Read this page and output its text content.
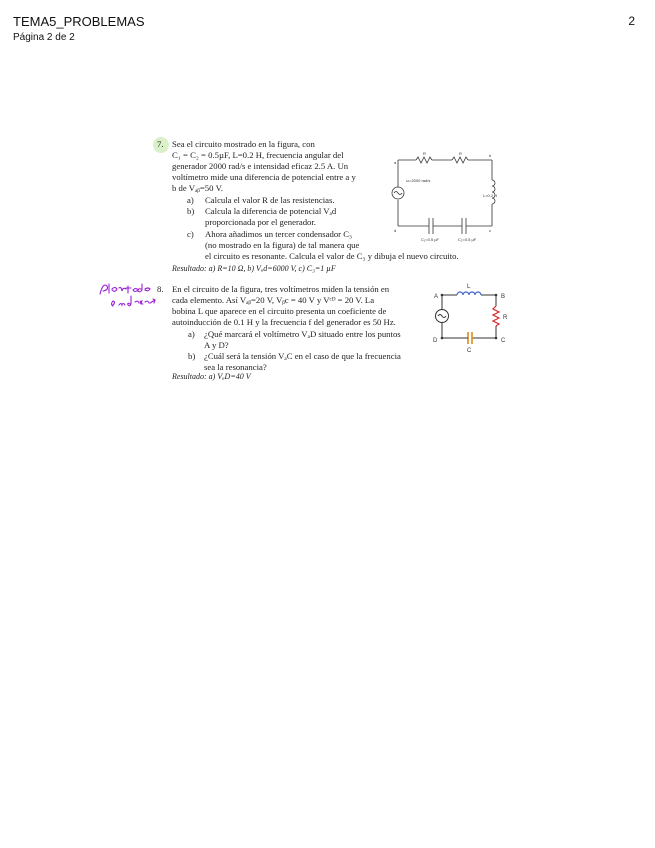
TEMA5_PROBLEMAS
Página 2 de 2
2
7. Sea el circuito mostrado en la figura, con
C₁ = C₂ = 0.5µF, L=0.2 H, frecuencia angular del
generador 2000 rad/s e intensidad eficaz 2.5 A. Un
voltímetro mide una diferencia de potencial entre a y
b de Vₐᵦ=50 V.
a) Calcula el valor R de las resistencias.
b) Calcula la diferencia de potencial Vₐd
proporcionada por el generador.
c) Ahora añadimos un tercer condensador C₃
(no mostrado en la figura) de tal manera que
el circuito es resonante. Calcula el valor de C₃ y dibuja el nuevo circuito.
Resultado: a) R=10 Ω, b) Vₐd=6000 V, c) C₃=1 µF
ω=2000 rad/s
L=0.2 H
C₁=0.5 µF	C₂=0.5 µF
R	R
a
b
c
d
8. En el circuito de la figura, tres voltímetros miden la tensión en
cada elemento. Así Vₐᵦ=20 V, Vᵦc = 40 V y Vᶜᴰ = 20 V. La
bobina L que aparece en el circuito presenta un coeficiente de
autoinducción de 0.1 H y la frecuencia f del generador es 50 Hz.
a) ¿Qué marcará el voltímetro VₐD situado entre los puntos
A y D?
b) ¿Cuál será la tensión VₐC en el caso de que la frecuencia
sea la resonancia?
Resultado: a) VₐD=40 V
A	B
C
D
L
R
C
